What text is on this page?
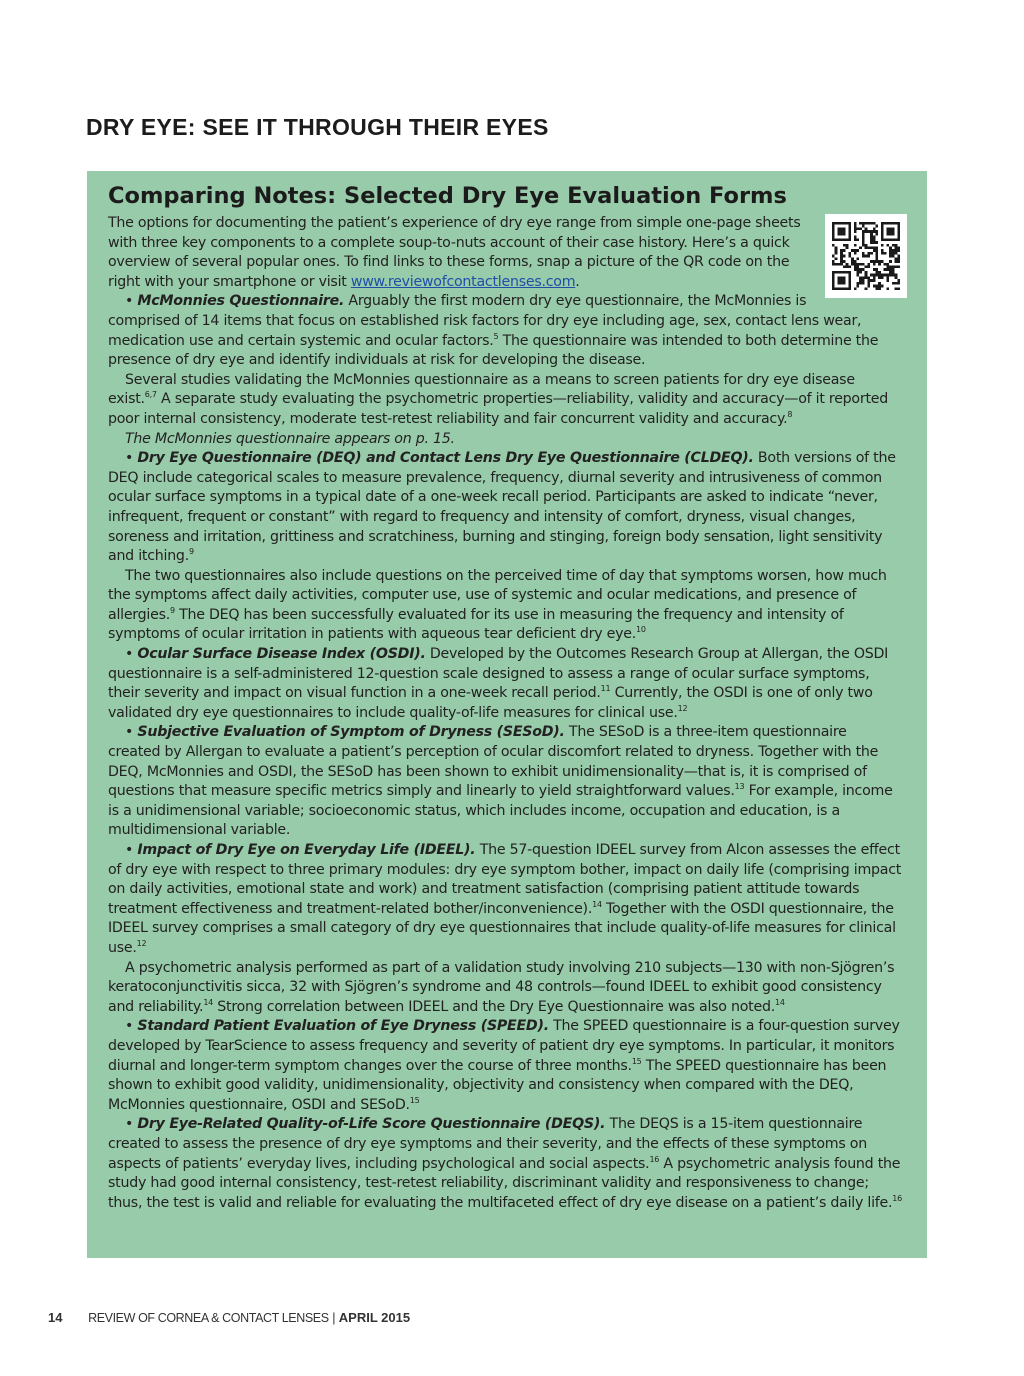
DRY EYE: SEE IT THROUGH THEIR EYES
Comparing Notes: Selected Dry Eye Evaluation Forms

The options for documenting the patient’s experience of dry eye range from simple one-page sheets with three key components to a complete soup-to-nuts account of their case history. Here’s a quick overview of several popular ones. To find links to these forms, snap a picture of the QR code on the right with your smartphone or visit www.reviewofcontactlenses.com.

• McMonnies Questionnaire. Arguably the first modern dry eye questionnaire, the McMonnies is comprised of 14 items that focus on established risk factors for dry eye including age, sex, contact lens wear, medication use and certain systemic and ocular factors.$^5$ The questionnaire was intended to both determine the presence of dry eye and identify individuals at risk for developing the disease.

Several studies validating the McMonnies questionnaire as a means to screen patients for dry eye disease exist.$^{6,7}$ A separate study evaluating the psychometric properties—reliability, validity and accuracy—of it reported poor internal consistency, moderate test-retest reliability and fair concurrent validity and accuracy.$^8$

The McMonnies questionnaire appears on p. 15.

• Dry Eye Questionnaire (DEQ) and Contact Lens Dry Eye Questionnaire (CLDEQ). Both versions of the DEQ include categorical scales to measure prevalence, frequency, diurnal severity and intrusiveness of common ocular surface symptoms in a typical date of a one-week recall period. Participants are asked to indicate “never, infrequent, frequent or constant” with regard to frequency and intensity of comfort, dryness, visual changes, soreness and irritation, grittiness and scratchiness, burning and stinging, foreign body sensation, light sensitivity and itching.$^9$

The two questionnaires also include questions on the perceived time of day that symptoms worsen, how much the symptoms affect daily activities, computer use, use of systemic and ocular medications, and presence of allergies.$^9$ The DEQ has been successfully evaluated for its use in measuring the frequency and intensity of symptoms of ocular irritation in patients with aqueous tear deficient dry eye.$^{10}$

• Ocular Surface Disease Index (OSDI). Developed by the Outcomes Research Group at Allergan, the OSDI questionnaire is a self-administered 12-question scale designed to assess a range of ocular surface symptoms, their severity and impact on visual function in a one-week recall period.$^{11}$ Currently, the OSDI is one of only two validated dry eye questionnaires to include quality-of-life measures for clinical use.$^{12}$

• Subjective Evaluation of Symptom of Dryness (SESoD). The SESoD is a three-item questionnaire created by Allergan to evaluate a patient’s perception of ocular discomfort related to dryness. Together with the DEQ, McMonnies and OSDI, the SESoD has been shown to exhibit unidimensionality—that is, it is comprised of questions that measure specific metrics simply and linearly to yield straightforward values.$^{13}$ For example, income is a unidimensional variable; socioeconomic status, which includes income, occupation and education, is a multidimensional variable.

• Impact of Dry Eye on Everyday Life (IDEEL). The 57-question IDEEL survey from Alcon assesses the effect of dry eye with respect to three primary modules: dry eye symptom bother, impact on daily life (comprising impact on daily activities, emotional state and work) and treatment satisfaction (comprising patient attitude towards treatment effectiveness and treatment-related bother/inconvenience).$^{14}$ Together with the OSDI questionnaire, the IDEEL survey comprises a small category of dry eye questionnaires that include quality-of-life measures for clinical use.$^{12}$

A psychometric analysis performed as part of a validation study involving 210 subjects—130 with non-Sjögren’s keratoconjunctivitis sicca, 32 with Sjögren’s syndrome and 48 controls—found IDEEL to exhibit good consistency and reliability.$^{14}$ Strong correlation between IDEEL and the Dry Eye Questionnaire was also noted.$^{14}$

• Standard Patient Evaluation of Eye Dryness (SPEED). The SPEED questionnaire is a four-question survey developed by TearScience to assess frequency and severity of patient dry eye symptoms. In particular, it monitors diurnal and longer-term symptom changes over the course of three months.$^{15}$ The SPEED questionnaire has been shown to exhibit good validity, unidimensionality, objectivity and consistency when compared with the DEQ, McMonnies questionnaire, OSDI and SESoD.$^{15}$

• Dry Eye-Related Quality-of-Life Score Questionnaire (DEQS). The DEQS is a 15-item questionnaire created to assess the presence of dry eye symptoms and their severity, and the effects of these symptoms on aspects of patients’ everyday lives, including psychological and social aspects.$^{16}$ A psychometric analysis found the study had good internal consistency, test-retest reliability, discriminant validity and responsiveness to change; thus, the test is valid and reliable for evaluating the multifaceted effect of dry eye disease on a patient’s daily life.$^{16}$

14 REVIEW OF CORNEA & CONTACT LENSES | APRIL 2015
